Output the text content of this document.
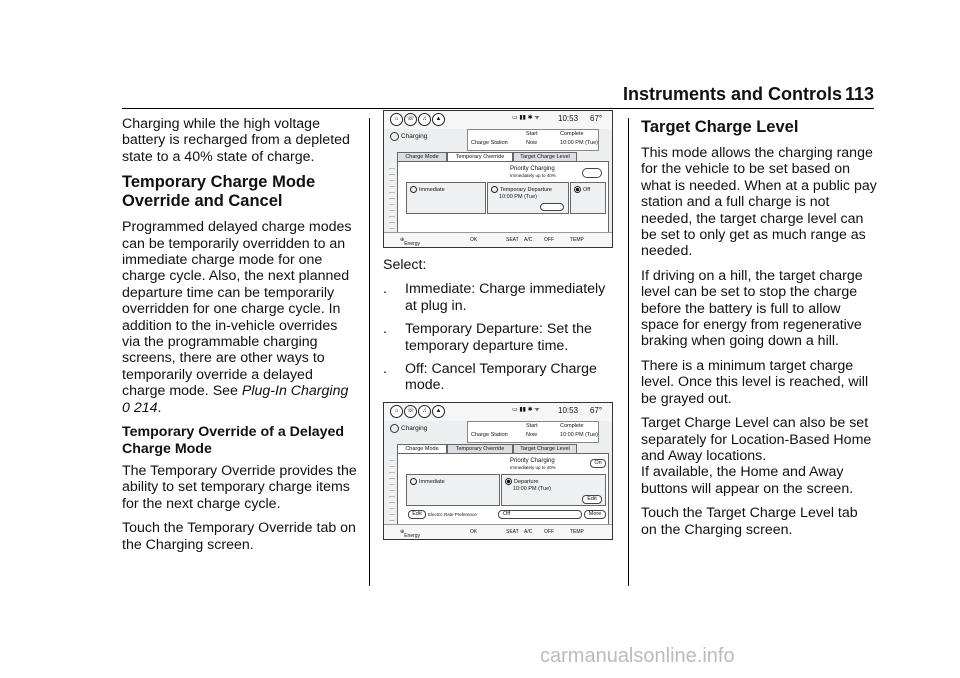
Instruments and Controls 113

Charging while the high voltage battery is recharged from a depleted state to a 40% state of charge.

Temporary Charge Mode Override and Cancel

Programmed delayed charge modes can be temporarily overridden to an immediate charge mode for one charge cycle. Also, the next planned departure time can be temporarily overridden for one charge cycle. In addition to the in-vehicle overrides via the programmable charging screens, there are other ways to temporarily override a delayed charge mode. See Plug-In Charging
0 214.

Temporary Override of a Delayed Charge Mode

The Temporary Override provides the ability to set temporary charge items for the next charge cycle.

Touch the Temporary Override tab on the Charging screen.

⌂	☏	♫	▲	▭ ▮▮ ✱ ᯤ 10:53 67°
Charging	Start	Complete
Charge Station	Now	10:00 PM (Tue)
Charge Mode	Temporary Override	Target Charge Level
Priority Charging
Immediately up to 40%
Immediate	Temporary Departure
10:00 PM (Tue)
Off
⊕
Energy
OK	SEAT A/C OFF	TEMP

Select:

.	Immediate: Charge immediately at plug in.
.	Temporary Departure: Set the temporary departure time.
.	Off: Cancel Temporary Charge mode.
⌂	☏	♫	▲	▭ ▮▮ ✱ ᯤ 10:53 67°
Charging	Start	Complete
Charge Station	Now	10:00 PM (Tue)
Charge Mode	Temporary Override	Target Charge Level
Priority Charging
Immediately up to 40%
On
Immediate	Departure
10:00 PM (Tue)
Edit
Edit	Electric Rate Preference	Off	More
⊕
Energy
OK	SEAT A/C OFF	TEMP
Target Charge Level

This mode allows the charging range for the vehicle to be set based on what is needed. When at a public pay station and a full charge is not needed, the target charge level can be set to only get as much range as needed.

If driving on a hill, the target charge level can be set to stop the charge before the battery is full to allow space for energy from regenerative braking when going down a hill.

There is a minimum target charge level. Once this level is reached, will be grayed out.

Target Charge Level can also be set separately for Location-Based Home and Away locations.
If available, the Home and Away buttons will appear on the screen.

Touch the Target Charge Level tab on the Charging screen.

carmanualsonline.info
